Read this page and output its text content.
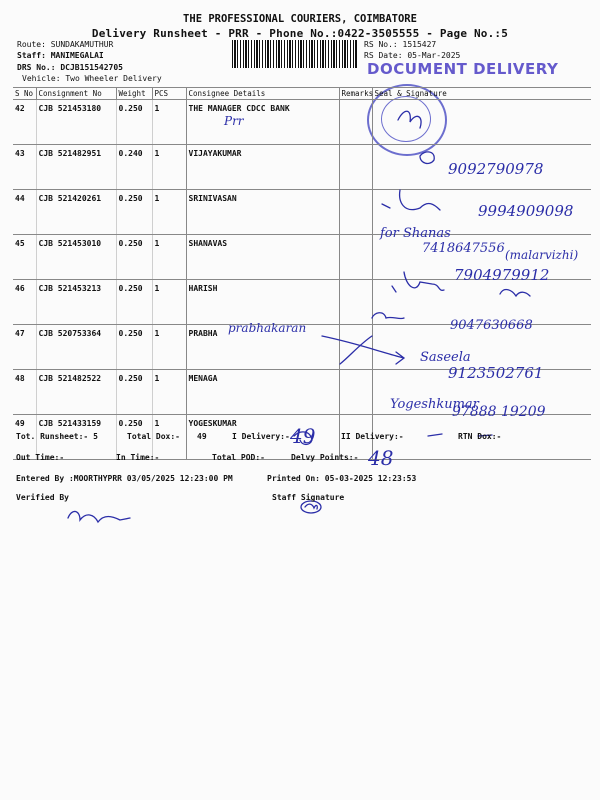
THE PROFESSIONAL COURIERS, COIMBATORE
Delivery Runsheet - PRR - Phone No.:0422-3505555 - Page No.:5
Route: SUNDAKAMUTHUR
Staff: MANIMEGALAI
DRS No.: DCJB151542705
Vehicle: Two Wheeler Delivery
RS No.: 1515427
RS Date: 05-Mar-2025
DOCUMENT DELIVERY
S No	Consignment No	Weight	PCS	Consignee Details	Remarks	Seal & Signature
42	CJB 521453180	0.250	1	THE MANAGER CDCC BANK		
43	CJB 521482951	0.240	1	VIJAYAKUMAR		
44	CJB 521420261	0.250	1	SRINIVASAN		
45	CJB 521453010	0.250	1	SHANAVAS		
46	CJB 521453213	0.250	1	HARISH		
47	CJB 520753364	0.250	1	PRABHA		
48	CJB 521482522	0.250	1	MENAGA		
49	CJB 521433159	0.250	1	YOGESKUMAR		
Prr
9092790978
9994909098
for Shanas
7418647556 (malarvizhi)
7904979912
prabhakaran	9047630668
Saseela
9123502761
Yogeshkumar
97888 19209
Tot. Runsheet:- 5	Total Dox:- 49	I Delivery:- 49	II Delivery:-	RTN Dox:-
Out Time:-	In Time:-	Total POD:-	Delvy Points:- 48
Entered By :MOORTHYPRR 03/05/2025 12:23:00 PM	Printed On: 05-03-2025 12:23:53
Verified By	Staff Signature
